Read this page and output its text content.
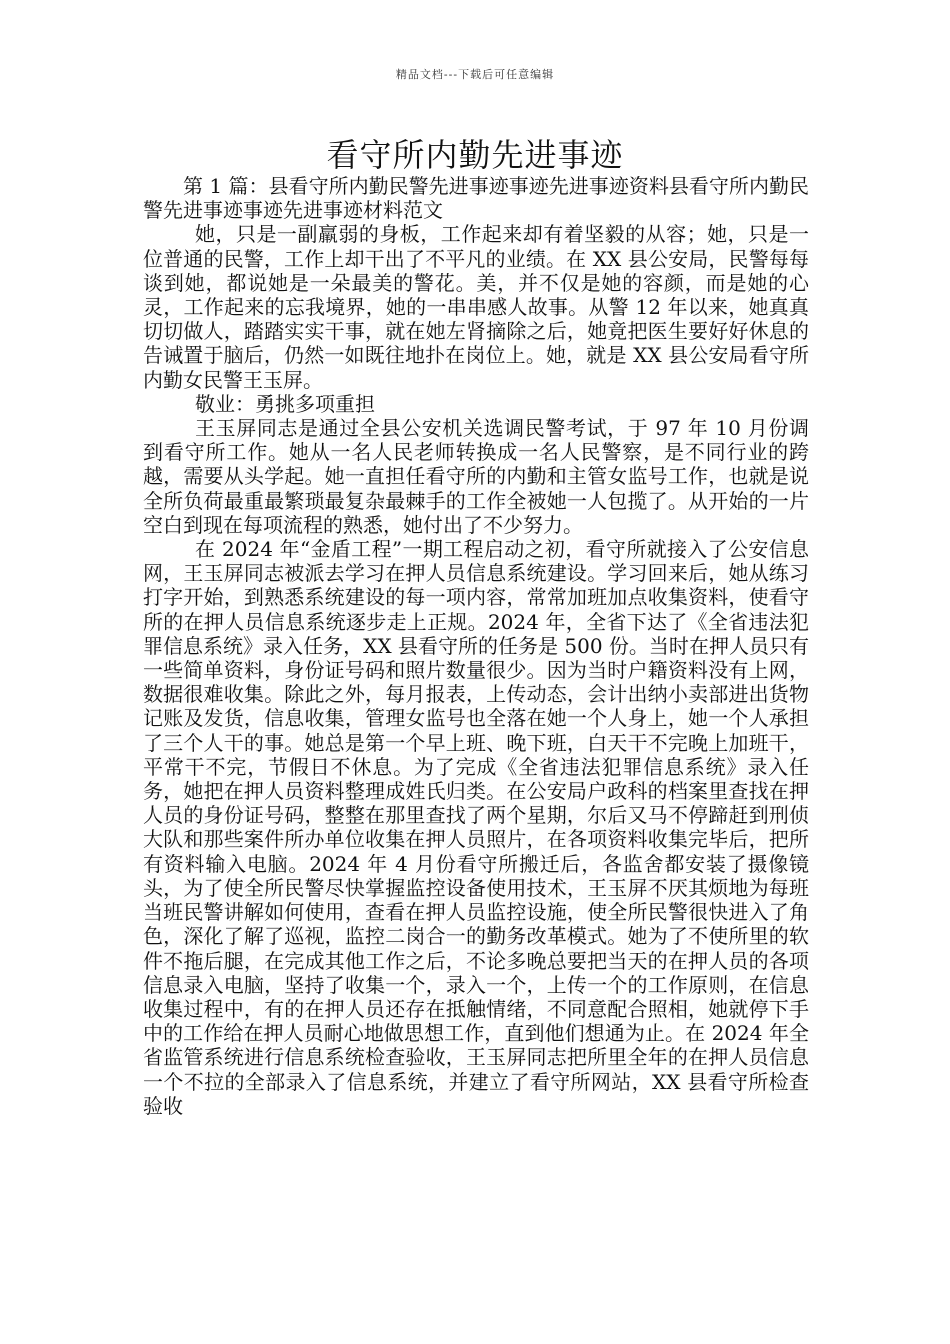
精品文档---下载后可任意编辑
看守所内勤先进事迹

第 1 篇：县看守所内勤民警先进事迹事迹先进事迹资料县看守所内勤民警先进事迹事迹先进事迹材料范文

她，只是一副羸弱的身板，工作起来却有着坚毅的从容；她，只是一位普通的民警，工作上却干出了不平凡的业绩。在 XX 县公安局，民警每每谈到她，都说她是一朵最美的警花。美，并不仅是她的容颜，而是她的心灵，工作起来的忘我境界，她的一串串感人故事。从警 12 年以来，她真真切切做人，踏踏实实干事，就在她左肾摘除之后，她竟把医生要好好休息的告诫置于脑后，仍然一如既往地扑在岗位上。她，就是 XX 县公安局看守所内勤女民警王玉屏。

敬业：勇挑多项重担

王玉屏同志是通过全县公安机关选调民警考试，于 97 年 10 月份调到看守所工作。她从一名人民老师转换成一名人民警察，是不同行业的跨越，需要从头学起。她一直担任看守所的内勤和主管女监号工作，也就是说全所负荷最重最繁琐最复杂最棘手的工作全被她一人包揽了。从开始的一片空白到现在每项流程的熟悉，她付出了不少努力。

在 2024 年“金盾工程”一期工程启动之初，看守所就接入了公安信息网，王玉屏同志被派去学习在押人员信息系统建设。学习回来后，她从练习打字开始，到熟悉系统建设的每一项内容，常常加班加点收集资料，使看守所的在押人员信息系统逐步走上正规。2024 年，全省下达了《全省违法犯罪信息系统》录入任务，XX 县看守所的任务是 500 份。当时在押人员只有一些简单资料，身份证号码和照片数量很少。因为当时户籍资料没有上网，数据很难收集。除此之外，每月报表，上传动态，会计出纳小卖部进出货物记账及发货，信息收集，管理女监号也全落在她一个人身上，她一个人承担了三个人干的事。她总是第一个早上班、晚下班，白天干不完晚上加班干，平常干不完，节假日不休息。为了完成《全省违法犯罪信息系统》录入任务，她把在押人员资料整理成姓氏归类。在公安局户政科的档案里查找在押人员的身份证号码，整整在那里查找了两个星期，尔后又马不停蹄赶到刑侦大队和那些案件所办单位收集在押人员照片，在各项资料收集完毕后，把所有资料输入电脑。2024 年 4 月份看守所搬迁后，各监舍都安装了摄像镜头，为了使全所民警尽快掌握监控设备使用技术，王玉屏不厌其烦地为每班当班民警讲解如何使用，查看在押人员监控设施，使全所民警很快进入了角色，深化了解了巡视，监控二岗合一的勤务改革模式。她为了不使所里的软件不拖后腿，在完成其他工作之后，不论多晚总要把当天的在押人员的各项信息录入电脑，坚持了收集一个，录入一个，上传一个的工作原则，在信息收集过程中，有的在押人员还存在抵触情绪，不同意配合照相，她就停下手中的工作给在押人员耐心地做思想工作，直到他们想通为止。在 2024 年全省监管系统进行信息系统检查验收，王玉屏同志把所里全年的在押人员信息一个不拉的全部录入了信息系统，并建立了看守所网站，XX 县看守所检查验收
